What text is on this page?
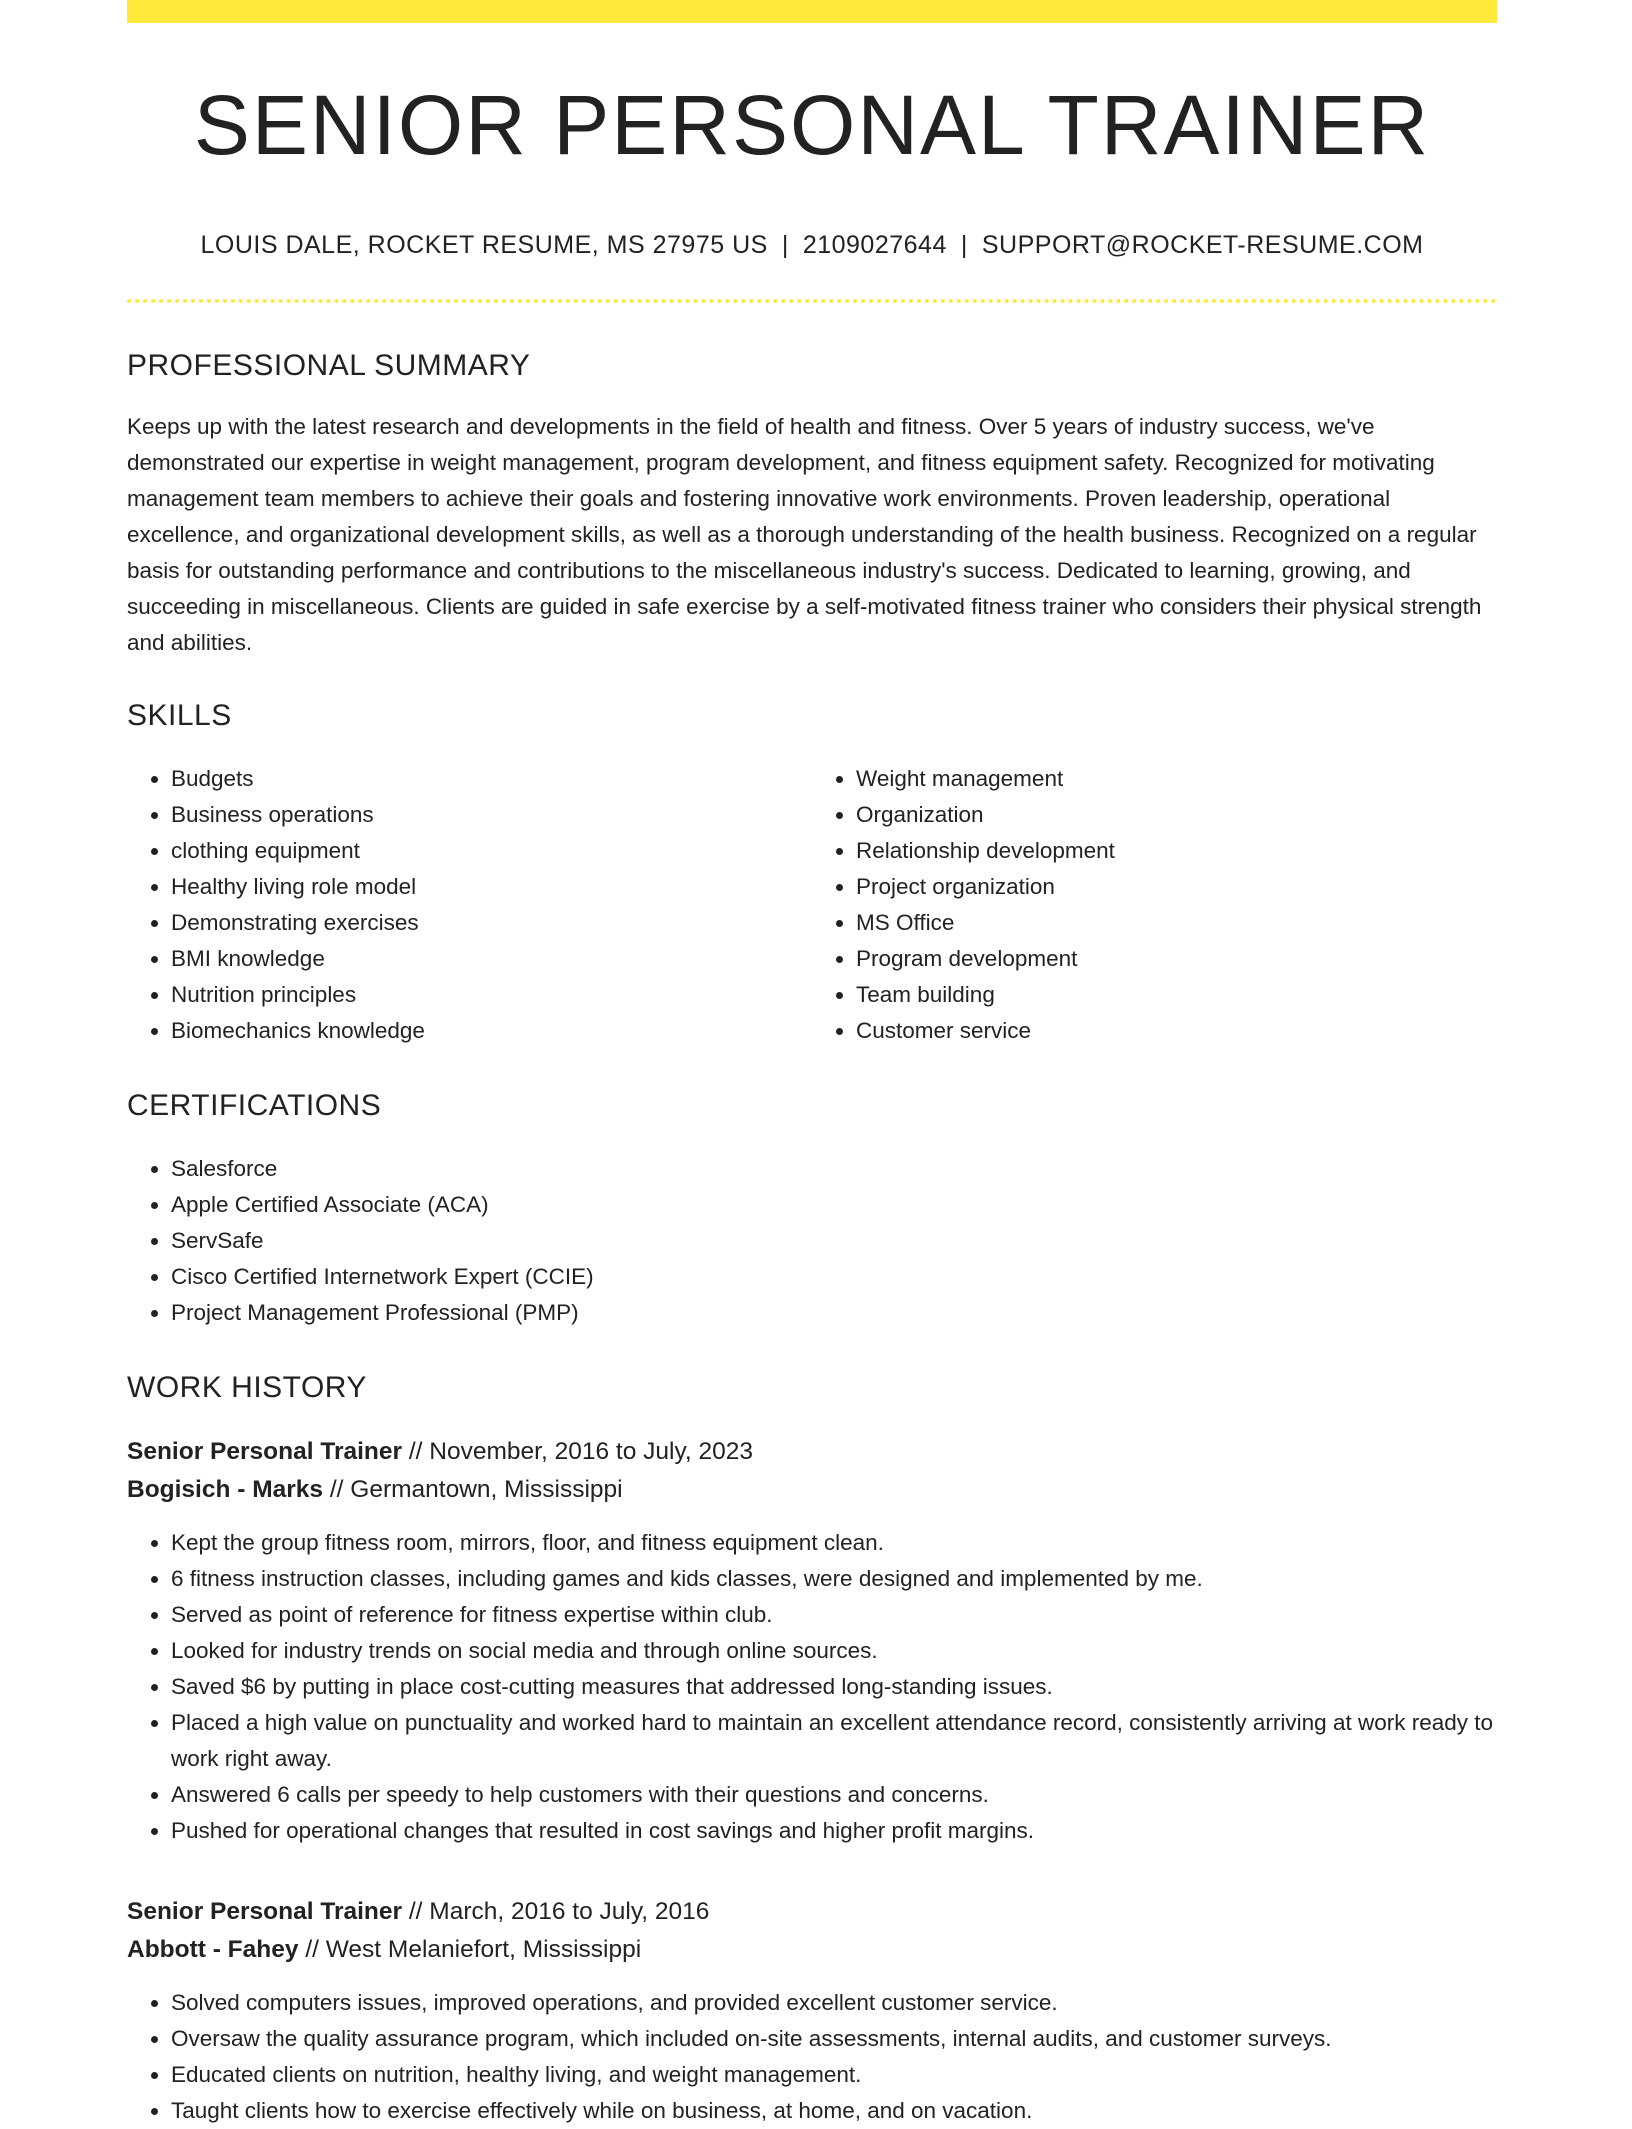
SENIOR PERSONAL TRAINER
LOUIS DALE, ROCKET RESUME, MS 27975 US | 2109027644 | SUPPORT@ROCKET-RESUME.COM
PROFESSIONAL SUMMARY

Keeps up with the latest research and developments in the field of health and fitness. Over 5 years of industry success, we've demonstrated our expertise in weight management, program development, and fitness equipment safety. Recognized for motivating management team members to achieve their goals and fostering innovative work environments. Proven leadership, operational excellence, and organizational development skills, as well as a thorough understanding of the health business. Recognized on a regular basis for outstanding performance and contributions to the miscellaneous industry's success. Dedicated to learning, growing, and succeeding in miscellaneous. Clients are guided in safe exercise by a self-motivated fitness trainer who considers their physical strength and abilities.

SKILLS
• Budgets
• Business operations
• clothing equipment
• Healthy living role model
• Demonstrating exercises
• BMI knowledge
• Nutrition principles
• Biomechanics knowledge
• Weight management
• Organization
• Relationship development
• Project organization
• MS Office
• Program development
• Team building
• Customer service
CERTIFICATIONS
• Salesforce
• Apple Certified Associate (ACA)
• ServSafe
• Cisco Certified Internetwork Expert (CCIE)
• Project Management Professional (PMP)
WORK HISTORY
Senior Personal Trainer // November, 2016 to July, 2023
Bogisich - Marks // Germantown, Mississippi
• Kept the group fitness room, mirrors, floor, and fitness equipment clean.
• 6 fitness instruction classes, including games and kids classes, were designed and implemented by me.
• Served as point of reference for fitness expertise within club.
• Looked for industry trends on social media and through online sources.
• Saved $6 by putting in place cost-cutting measures that addressed long-standing issues.
• Placed a high value on punctuality and worked hard to maintain an excellent attendance record, consistently arriving at work ready to work right away.
• Answered 6 calls per speedy to help customers with their questions and concerns.
• Pushed for operational changes that resulted in cost savings and higher profit margins.
Senior Personal Trainer // March, 2016 to July, 2016
Abbott - Fahey // West Melaniefort, Mississippi
• Solved computers issues, improved operations, and provided excellent customer service.
• Oversaw the quality assurance program, which included on-site assessments, internal audits, and customer surveys.
• Educated clients on nutrition, healthy living, and weight management.
• Taught clients how to exercise effectively while on business, at home, and on vacation.
